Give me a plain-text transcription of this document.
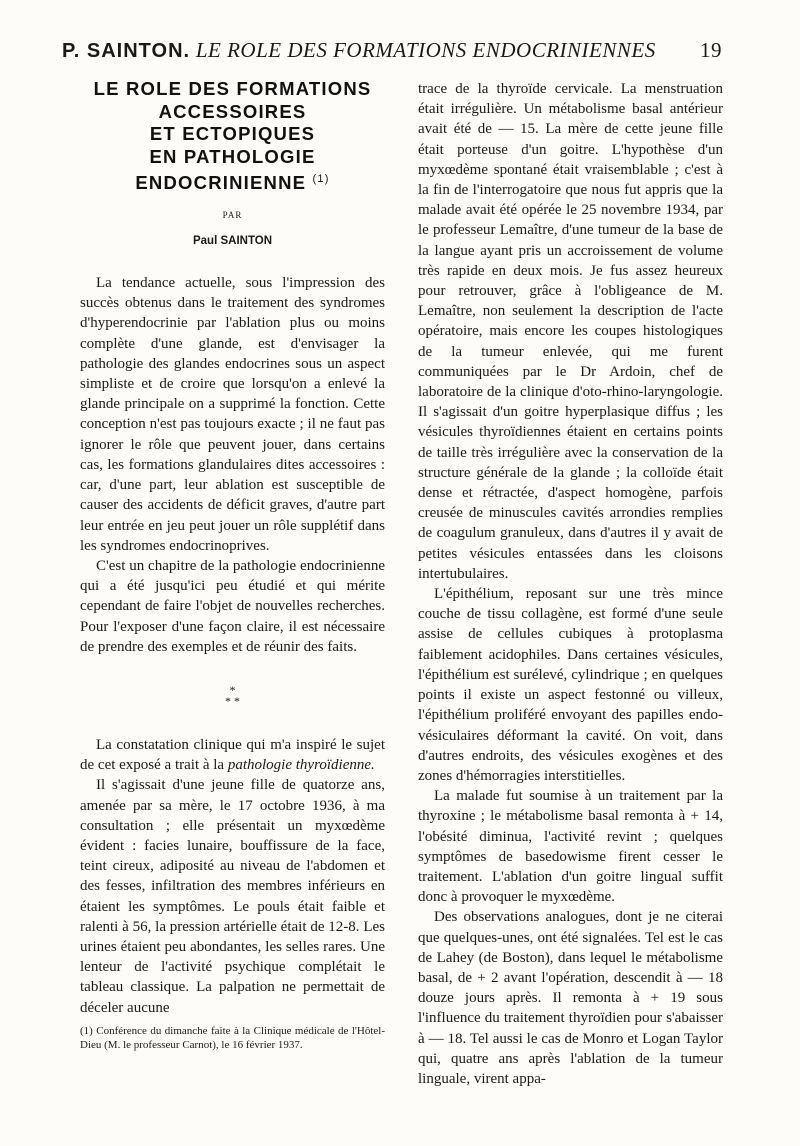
P. SAINTON. LE ROLE DES FORMATIONS ENDOCRINIENNES 19
LE ROLE DES FORMATIONS
ACCESSOIRES
ET ECTOPIQUES
EN PATHOLOGIE
ENDOCRINIENNE $^{(1)}$
PAR
Paul SAINTON

La tendance actuelle, sous l'impression des succès obtenus dans le traitement des syndromes d'hyperendocrinie par l'ablation plus ou moins complète d'une glande, est d'envisager la pathologie des glandes endocrines sous un aspect simpliste et de croire que lorsqu'on a enlevé la glande principale on a supprimé la fonction. Cette conception n'est pas toujours exacte ; il ne faut pas ignorer le rôle que peuvent jouer, dans certains cas, les formations glandulaires dites accessoires : car, d'une part, leur ablation est susceptible de causer des accidents de déficit graves, d'autre part leur entrée en jeu peut jouer un rôle supplétif dans les syndromes endocrinoprives.

C'est un chapitre de la pathologie endocrinienne qui a été jusqu'ici peu étudié et qui mérite cependant de faire l'objet de nouvelles recherches. Pour l'exposer d'une façon claire, il est nécessaire de prendre des exemples et de réunir des faits.

*
* *

La constatation clinique qui m'a inspiré le sujet de cet exposé a trait à la pathologie thyroïdienne.

Il s'agissait d'une jeune fille de quatorze ans, amenée par sa mère, le 17 octobre 1936, à ma consultation ; elle présentait un myxœdème évident : facies lunaire, bouffissure de la face, teint cireux, adiposité au niveau de l'abdomen et des fesses, infiltration des membres inférieurs en étaient les symptômes. Le pouls était faible et ralenti à 56, la pression artérielle était de 12-8. Les urines étaient peu abondantes, les selles rares. Une lenteur de l'activité psychique complétait le tableau classique. La palpation ne permettait de déceler aucune

(1) Conférence du dimanche faite à la Clinique médicale de l'Hôtel-Dieu (M. le professeur Carnot), le 16 février 1937.

trace de la thyroïde cervicale. La menstruation était irrégulière. Un métabolisme basal antérieur avait été de — 15. La mère de cette jeune fille était porteuse d'un goitre. L'hypothèse d'un myxœdème spontané était vraisemblable ; c'est à la fin de l'interrogatoire que nous fut appris que la malade avait été opérée le 25 novembre 1934, par le professeur Lemaître, d'une tumeur de la base de la langue ayant pris un accroissement de volume très rapide en deux mois. Je fus assez heureux pour retrouver, grâce à l'obligeance de M. Lemaître, non seulement la description de l'acte opératoire, mais encore les coupes histologiques de la tumeur enlevée, qui me furent communiquées par le Dr Ardoin, chef de laboratoire de la clinique d'oto-rhino-laryngologie. Il s'agissait d'un goitre hyperplasique diffus ; les vésicules thyroïdiennes étaient en certains points de taille très irrégulière avec la conservation de la structure générale de la glande ; la colloïde était dense et rétractée, d'aspect homogène, parfois creusée de minuscules cavités arrondies remplies de coagulum granuleux, dans d'autres il y avait de petites vésicules entassées dans les cloisons intertubulaires.

L'épithélium, reposant sur une très mince couche de tissu collagène, est formé d'une seule assise de cellules cubiques à protoplasma faiblement acidophiles. Dans certaines vésicules, l'épithélium est surélevé, cylindrique ; en quelques points il existe un aspect festonné ou villeux, l'épithélium proliféré envoyant des papilles endo-vésiculaires déformant la cavité. On voit, dans d'autres endroits, des vésicules exogènes et des zones d'hémorragies interstitielles.

La malade fut soumise à un traitement par la thyroxine ; le métabolisme basal remonta à + 14, l'obésité diminua, l'activité revint ; quelques symptômes de basedowisme firent cesser le traitement. L'ablation d'un goitre lingual suffit donc à provoquer le myxœdème.

Des observations analogues, dont je ne citerai que quelques-unes, ont été signalées. Tel est le cas de Lahey (de Boston), dans lequel le métabolisme basal, de + 2 avant l'opération, descendit à — 18 douze jours après. Il remonta à + 19 sous l'influence du traitement thyroïdien pour s'abaisser à — 18. Tel aussi le cas de Monro et Logan Taylor qui, quatre ans après l'ablation de la tumeur linguale, virent appa-
